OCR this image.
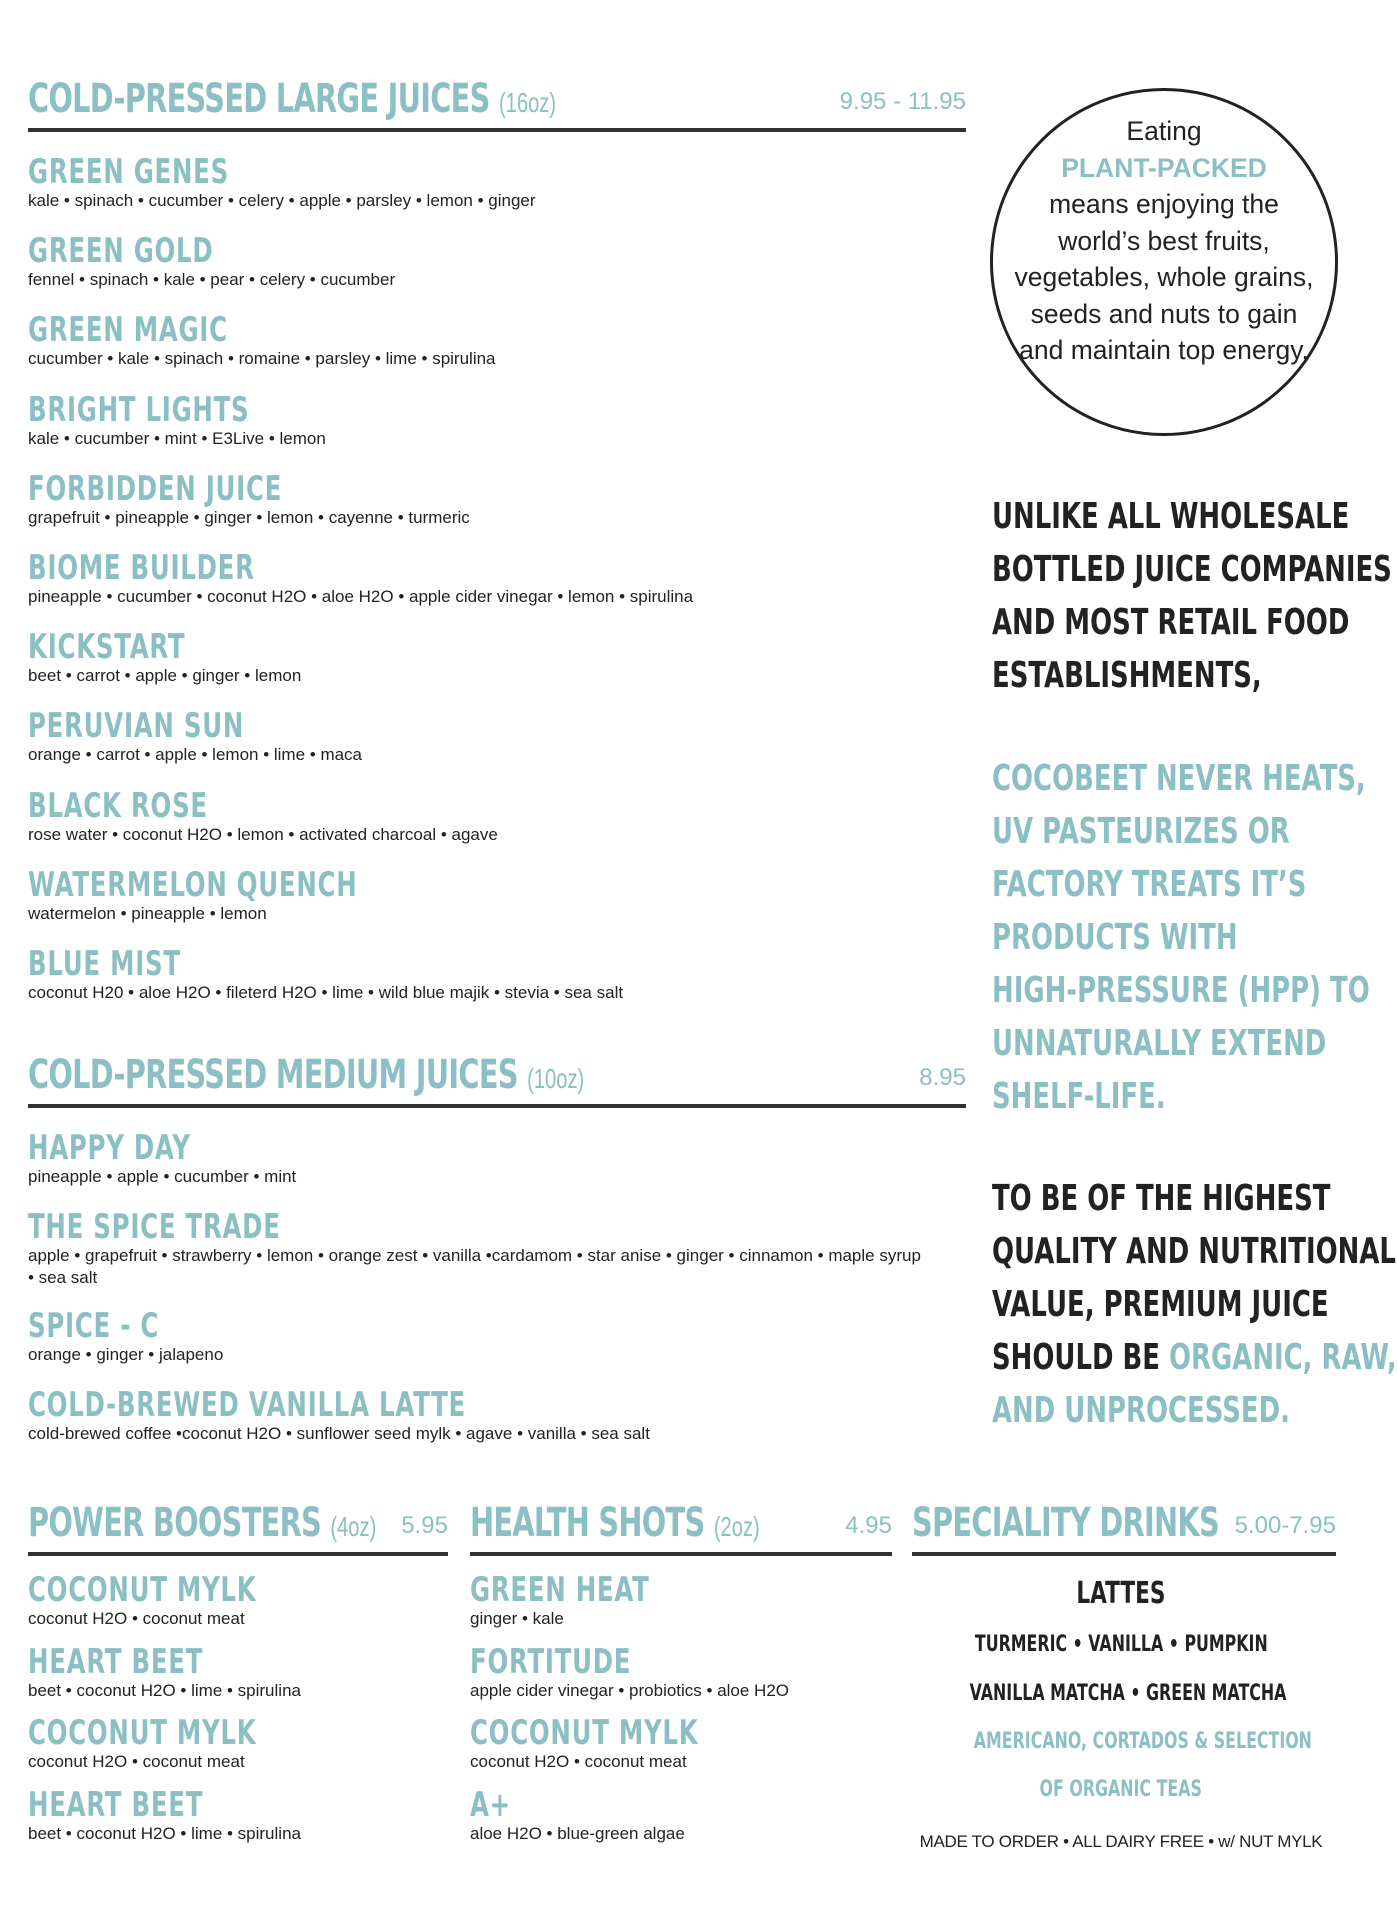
COLD-PRESSED LARGE JUICES (16oz)	9.95 - 11.95
GREEN GENES
kale • spinach • cucumber • celery • apple • parsley • lemon • ginger
GREEN GOLD
fennel • spinach • kale • pear • celery • cucumber
GREEN MAGIC
cucumber • kale • spinach • romaine • parsley • lime • spirulina
BRIGHT LIGHTS
kale • cucumber • mint • E3Live • lemon
FORBIDDEN JUICE
grapefruit • pineapple • ginger • lemon • cayenne • turmeric
BIOME BUILDER
pineapple • cucumber • coconut H2O • aloe H2O • apple cider vinegar • lemon • spirulina
KICKSTART
beet • carrot • apple • ginger • lemon
PERUVIAN SUN
orange • carrot • apple • lemon • lime • maca
BLACK ROSE
rose water • coconut H2O • lemon • activated charcoal • agave
WATERMELON QUENCH
watermelon • pineapple • lemon
BLUE MIST
coconut H20 • aloe H2O • fileterd H2O • lime • wild blue majik • stevia • sea salt
COLD-PRESSED MEDIUM JUICES (10oz)	8.95
HAPPY DAY
pineapple • apple • cucumber • mint
THE SPICE TRADE
apple • grapefruit • strawberry • lemon • orange zest • vanilla •cardamom • star anise • ginger • cinnamon • maple syrup • sea salt
SPICE - C
orange • ginger • jalapeno
COLD-BREWED VANILLA LATTE
cold-brewed coffee •coconut H2O • sunflower seed mylk • agave • vanilla • sea salt
POWER BOOSTERS (4oz) 5.95
COCONUT MYLK
coconut H2O • coconut meat
HEART BEET
beet • coconut H2O • lime • spirulina
COCONUT MYLK
coconut H2O • coconut meat
HEART BEET
beet • coconut H2O • lime • spirulina
HEALTH SHOTS (2oz)	4.95
GREEN HEAT
ginger • kale
FORTITUDE
apple cider vinegar • probiotics • aloe H2O
COCONUT MYLK
coconut H2O • coconut meat
A+
aloe H2O • blue-green algae
SPECIALITY DRINKS 5.00-7.95
LATTES
TURMERIC • VANILLA • PUMPKIN
VANILLA MATCHA • GREEN MATCHA
AMERICANO, CORTADOS & SELECTION
OF ORGANIC TEAS
MADE TO ORDER • ALL DAIRY FREE • w/ NUT MYLK
Eating
PLANT-PACKED
means enjoying the world’s best fruits, vegetables, whole grains, seeds and nuts to gain and maintain top energy.
UNLIKE ALL WHOLESALE
BOTTLED JUICE COMPANIES
AND MOST RETAIL FOOD
ESTABLISHMENTS,
COCOBEET NEVER HEATS,
UV PASTEURIZES OR
FACTORY TREATS IT’S
PRODUCTS WITH
HIGH-PRESSURE (HPP) TO
UNNATURALLY EXTEND
SHELF-LIFE.
TO BE OF THE HIGHEST
QUALITY AND NUTRITIONAL
VALUE, PREMIUM JUICE
SHOULD BE ORGANIC, RAW,
AND UNPROCESSED.
